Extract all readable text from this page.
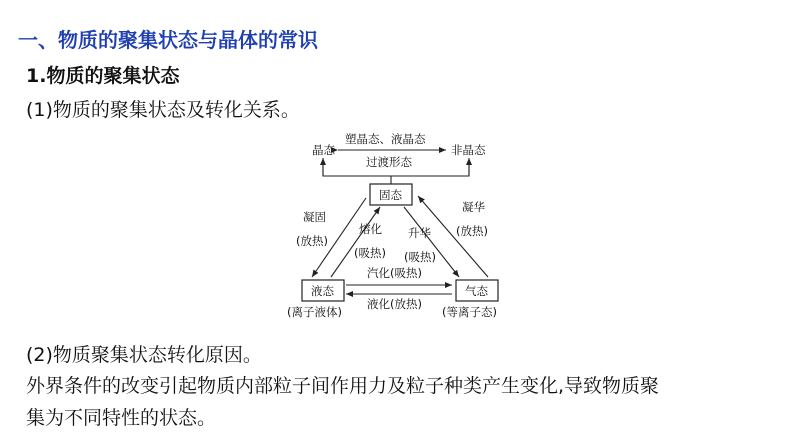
一、物质的聚集状态与晶体的常识
1.物质的聚集状态
(1)物质的聚集状态及转化关系。
晶态	非晶态
塑晶态、液晶态
过渡形态
固态
液态
(离子液体)
气态
(等离子态)
凝固
(放热)
熔化
(吸热)
升华
(吸热)
凝华
(放热)
汽化(吸热)
液化(放热)
(2)物质聚集状态转化原因。
外界条件的改变引起物质内部粒子间作用力及粒子种类产生变化,导致物质聚
集为不同特性的状态。
